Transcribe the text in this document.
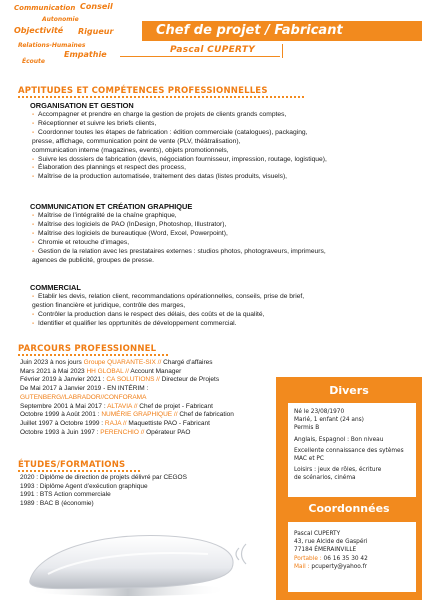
Communication Conseil
Autonomie
Objectivité Rigueur
Relations-Humaines
Empathie
Écoute
Chef de projet / Fabricant
Pascal CUPERTY
APTITUDES ET COMPÉTENCES PROFESSIONNELLES
ORGANISATION ET GESTION
- Accompagner et prendre en charge la gestion de projets de clients grands comptes,
- Réceptionner et suivre les briefs clients,
- Coordonner toutes les étapes de fabrication : édition commerciale (catalogues), packaging,
presse, affichage, communication point de vente (PLV, théâtralisation),
communication interne (magazines, events), objets promotionnels,
- Suivre les dossiers de fabrication (devis, négociation fournisseur, impression, routage, logistique),
- Élaboration des plannings et respect des process,
- Maîtrise de la production automatisée, traitement des datas (listes produits, visuels),
COMMUNICATION ET CRÉATION GRAPHIQUE
- Maîtrise de l’intégralité de la chaîne graphique,
- Maîtrise des logiciels de PAO (InDesign, Photoshop, Illustrator),
- Maîtrise des logiciels de bureautique (Word, Excel, Powerpoint),
- Chromie et retouche d’images,
- Gestion de la relation avec les prestataires externes : studios photos, photograveurs, imprimeurs,
agences de publicité, groupes de presse.
COMMERCIAL
- Etablir les devis, relation client, recommandations opérationnelles, conseils, prise de brief,
gestion financière et juridique, contrôle des marges,
- Contrôler la production dans le respect des délais, des coûts et de la qualité,
- Identifier et qualifier les opprtunités de développement commercial.
PARCOURS PROFESSIONNEL
Juin 2023 à nos jours Groupe QUARANTE-SIX // Chargé d’affaires
Mars 2021 à Mai 2023 HH GLOBAL // Account Manager
Février 2019 à Janvier 2021 : CA SOLUTIONS // Directeur de Projets
De Mai 2017 à Janvier 2019 - EN INTÉRIM :
GUTENBERG//LABRADOR//CONFORAMA
Septembre 2001 à Mai 2017 : ALTAVIA // Chef de projet - Fabricant
Octobre 1999 à Août 2001 : NUMÉRIE GRAPHIQUE // Chef de fabrication
Juillet 1997 à Octobre 1999 : RAJA // Maquettiste PAO - Fabricant
Octobre 1993 à Juin 1997 : PERENCHIO // Opérateur PAO
ÉTUDES/FORMATIONS
2020 : Diplôme de direction de projets délivré par CEGOS
1993 : Diplôme Agent d’exécution graphique
1991 : BTS Action commerciale
1989 : BAC B (économie)
Divers
Né le 23/08/1970
Marié, 1 enfant (24 ans)
Permis B
Anglais, Espagnol : Bon niveau
Excellente connaissance des sytèmes
MAC et PC
Loisirs : jeux de rôles, écriture
de scénarios, cinéma
Coordonnées
Pascal CUPERTY
43, rue Alcide de Gaspéri
77184 ÉMERAINVILLE
Portable : 06 16 35 30 42
Mail : pcuperty@yahoo.fr
